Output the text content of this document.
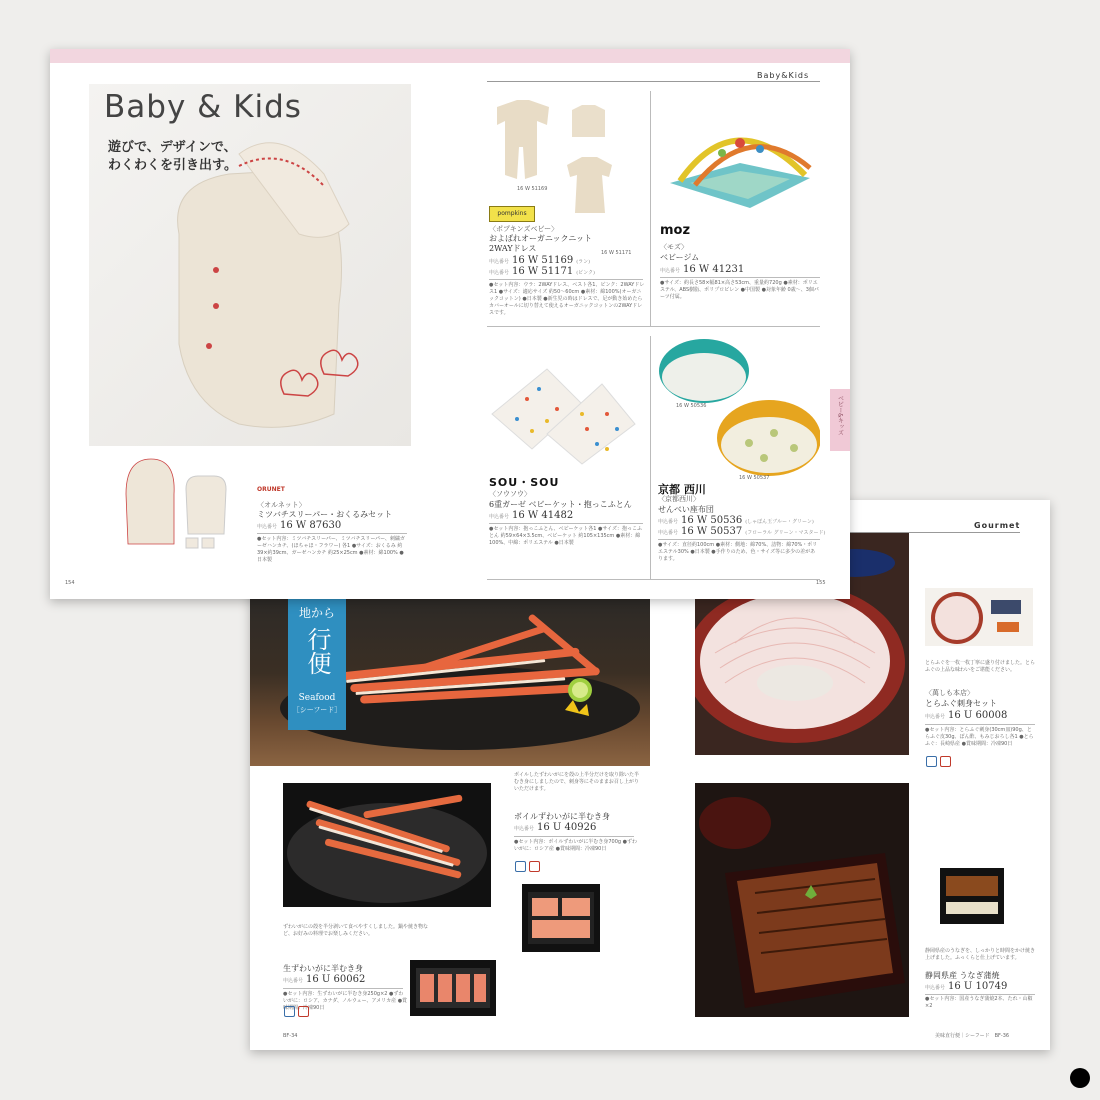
Gourmet
地から
行便
Seafood
［シーフード］
とらふぐを一枚一枚丁寧に盛り付けました。とらふぐの上品な味わいをご堪能ください。
〈萬しも本店〉
とらふぐ刺身セット
申込番号 16 U 60008
●セット内容：とらふぐ刺身(30cm皿)90g、とらふぐ皮30g、ぽん酢、もみじおろし各1 ●とらふぐ：長崎県産 ●賞味期間：冷凍90日
ずわいがにの殻を半分剥いて食べやすくしました。鍋や焼き物など、お好みの料理でお楽しみください。
生ずわいがに半むき身
申込番号 16 U 60062
●セット内容：生ずわいがに半むき身250g×2 ●ずわいがに：ロシア、カナダ、ノルウェー、アメリカ産 ●賞味期間：冷凍90日
ボイルしたずわいがにを殻の上半分だけを取り除いた半むき身にしましたので、刺身等にそのままお召し上がりいただけます。
ボイルずわいがに半むき身
申込番号 16 U 40926
●セット内容：ボイルずわいがに半むき身700g ●ずわいがに：ロシア産 ●賞味期間：冷凍90日
静岡県産のうなぎを、しっかりと時間をかけ焼き上げました。ふっくらと仕上げています。
静岡県産 うなぎ蒲焼
申込番号 16 U 10749
●セット内容：国産うなぎ蒲焼2本、たれ・山椒×2
BF-34	美味直行便｜シーフード　BF-36
Baby & Kids
遊びで、デザインで、
わくわくを引き出す。
ORUNET
〈オルネット〉
ミツバチスリーパー・おくるみセット
申込番号 16 W 87630
●セット内容：ミツバチスリーパー、ミツバチスリーパー、刺繍ガーゼハンカチ、(ほちゃほ・フラワー) 各1 ●サイズ：おくるみ 約39×約39cm、ガーゼハンカチ 約25×25cm ●素材：綿100% ●日本製
154
Baby&Kids
pompkins
16 W 51169
16 W 51171
〈ポプキンズベビー〉
およばれオーガニックニット 2WAYドレス
申込番号 16 W 51169 (ラン)
申込番号 16 W 51171 (ピンク)
●セット内容：ウラ：2WAYドレス、ベスト各1、ピンク：2WAYドレス1 ●サイズ：適応サイズ 約50〜60cm ●素材：綿100%(オーガニックコットン) ●日本製 ●新生児の時はドレスで、足が動き始めたらカバーオールに切り替えて使えるオーガニックコットンの2WAYドレスです。
moz
〈モズ〉
ベビージム
申込番号 16 W 41231
●サイズ：約長さ58×幅81×高さ53cm、重量約720g ●素材：ポリエステル、ABS樹脂、ポリプロピレン ●中国製 ●対象年齢 0歳〜、3個パーツ付属。
SOU・SOU
〈ソウソウ〉
6重ガーゼ ベビーケット・抱っこふとん
申込番号 16 W 41482
●セット内容：抱っこふとん、ベビーケット各1 ●サイズ：抱っこふとん 約59×64×3.5cm、ベビーケット 約105×135cm ●素材：綿100%、中綿：ポリエステル ●日本製
16 W 50536
16 W 50537
京都 西川
〈京都西川〉
せんべい座布団
申込番号 16 W 50536 (しゃぼん玉ブルー・グリーン)
申込番号 16 W 50537 (フローラル グリーン・マスタード)
●サイズ：直径約100cm ●素材：側地：綿70%、詰物：綿70%・ポリエステル30% ●日本製 ●手作りのため、色・サイズ等に多少の差があります。
ベビー&キッズ
155
